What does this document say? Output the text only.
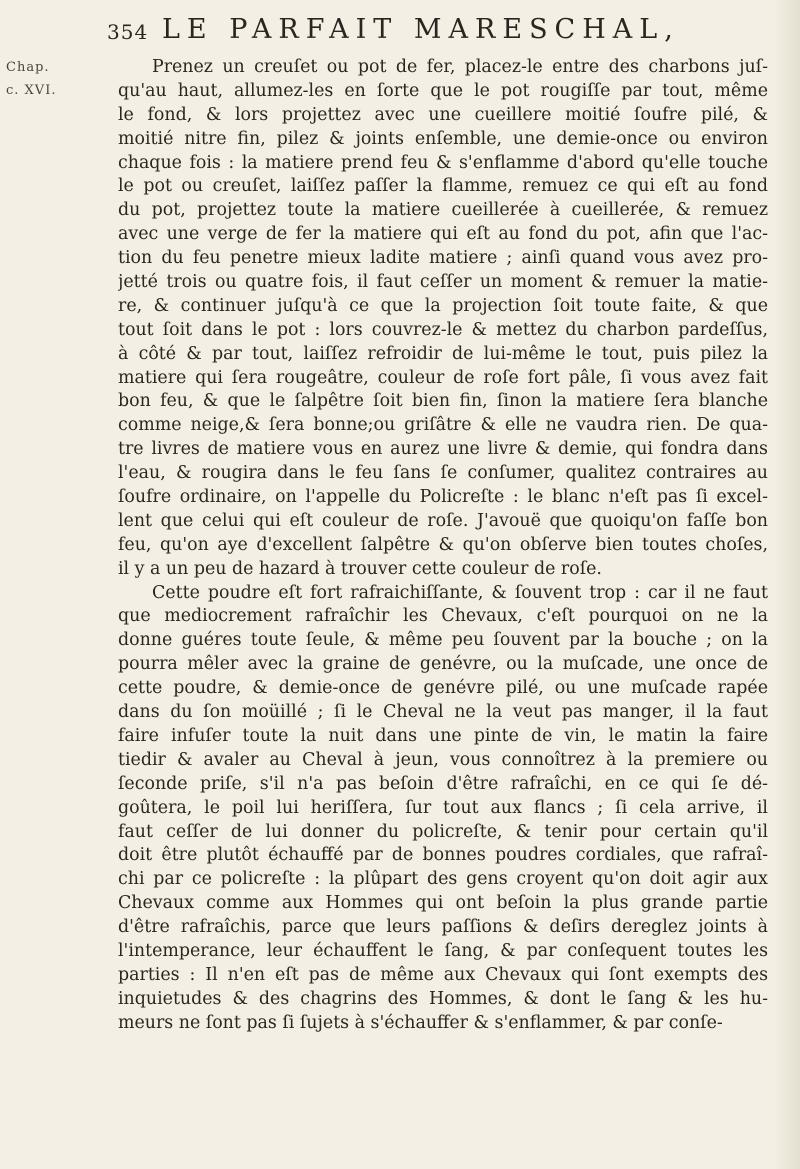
354 LE PARFAIT MARESCHAL,
Chap.
c. XVI.
Prenez un creuſet ou pot de fer, placez-le entre des charbons juſ-
qu'au haut, allumez-les en ſorte que le pot rougiſſe par tout, même
le fond, & lors projettez avec une cueillere moitié ſoufre pilé, &
moitié nitre fin, pilez & joints enſemble, une demie-once ou environ
chaque fois : la matiere prend feu & s'enflamme d'abord qu'elle touche
le pot ou creuſet, laiſſez paſſer la flamme, remuez ce qui eſt au fond
du pot, projettez toute la matiere cueillerée à cueillerée, & remuez
avec une verge de fer la matiere qui eſt au fond du pot, afin que l'ac-
tion du feu penetre mieux ladite matiere ; ainſi quand vous avez pro-
jetté trois ou quatre fois, il faut ceſſer un moment & remuer la matie-
re, & continuer juſqu'à ce que la projection ſoit toute faite, & que
tout ſoit dans le pot : lors couvrez-le & mettez du charbon pardeſſus,
à côté & par tout, laiſſez refroidir de lui-même le tout, puis pilez la
matiere qui ſera rougeâtre, couleur de roſe fort pâle, ſi vous avez fait
bon feu, & que le ſalpêtre ſoit bien fin, ſinon la matiere ſera blanche
comme neige,& ſera bonne;ou griſâtre & elle ne vaudra rien. De qua-
tre livres de matiere vous en aurez une livre & demie, qui fondra dans
l'eau, & rougira dans le feu ſans ſe conſumer, qualitez contraires au
ſoufre ordinaire, on l'appelle du Policreſte : le blanc n'eſt pas ſi excel-
lent que celui qui eſt couleur de roſe. J'avouë que quoiqu'on faſſe bon
feu, qu'on aye d'excellent ſalpêtre & qu'on obſerve bien toutes choſes,
il y a un peu de hazard à trouver cette couleur de roſe.
Cette poudre eſt fort rafraichiſſante, & ſouvent trop : car il ne faut
que mediocrement rafraîchir les Chevaux, c'eſt pourquoi on ne la
donne guéres toute ſeule, & même peu ſouvent par la bouche ; on la
pourra mêler avec la graine de genévre, ou la muſcade, une once de
cette poudre, & demie-once de genévre pilé, ou une muſcade rapée
dans du ſon moüillé ; ſi le Cheval ne la veut pas manger, il la faut
faire infuſer toute la nuit dans une pinte de vin, le matin la faire
tiedir & avaler au Cheval à jeun, vous connoîtrez à la premiere ou
ſeconde priſe, s'il n'a pas beſoin d'être rafraîchi, en ce qui ſe dé-
goûtera, le poil lui heriſſera, ſur tout aux flancs ; ſi cela arrive, il
faut ceſſer de lui donner du policreſte, & tenir pour certain qu'il
doit être plutôt échauffé par de bonnes poudres cordiales, que rafraî-
chi par ce policreſte : la plûpart des gens croyent qu'on doit agir aux
Chevaux comme aux Hommes qui ont beſoin la plus grande partie
d'être rafraîchis, parce que leurs paſſions & deſirs dereglez joints à
l'intemperance, leur échauffent le ſang, & par conſequent toutes les
parties : Il n'en eſt pas de même aux Chevaux qui ſont exempts des
inquietudes & des chagrins des Hommes, & dont le ſang & les hu-
meurs ne ſont pas ſi ſujets à s'échauffer & s'enflammer, & par conſe-
